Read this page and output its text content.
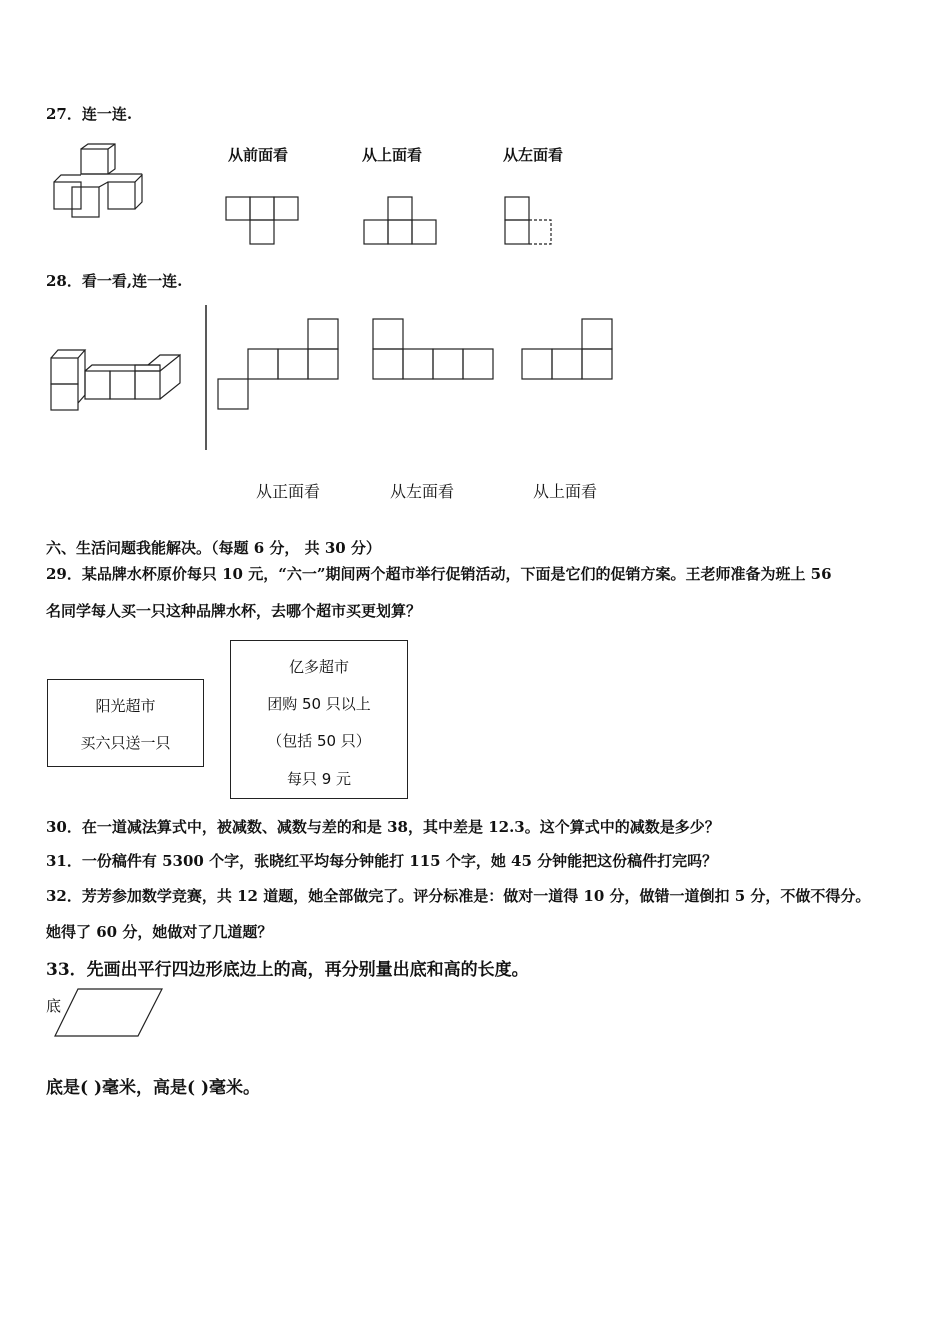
27．连一连.
从前面看	从上面看	从左面看
28．看一看,连一连.
从正面看	从左面看	从上面看
六、生活问题我能解决。（每题 6 分， 共 30 分）
29．某品牌水杯原价每只 10 元，“六一”期间两个超市举行促销活动，下面是它们的促销方案。王老师准备为班上 56
名同学每人买一只这种品牌水杯，去哪个超市买更划算？
阳光超市
买六只送一只
亿多超市
团购 50 只以上
（包括 50 只）
每只 9 元
30．在一道减法算式中，被减数、减数与差的和是 38，其中差是 12.3。这个算式中的减数是多少？
31．一份稿件有 5300 个字，张晓红平均每分钟能打 115 个字，她 45 分钟能把这份稿件打完吗？
32．芳芳参加数学竞赛，共 12 道题，她全部做完了。评分标准是：做对一道得 10 分，做错一道倒扣 5 分，不做不得分。
她得了 60 分，她做对了几道题？
33．先画出平行四边形底边上的高，再分别量出底和高的长度。
底
底是( )毫米，高是( )毫米。
